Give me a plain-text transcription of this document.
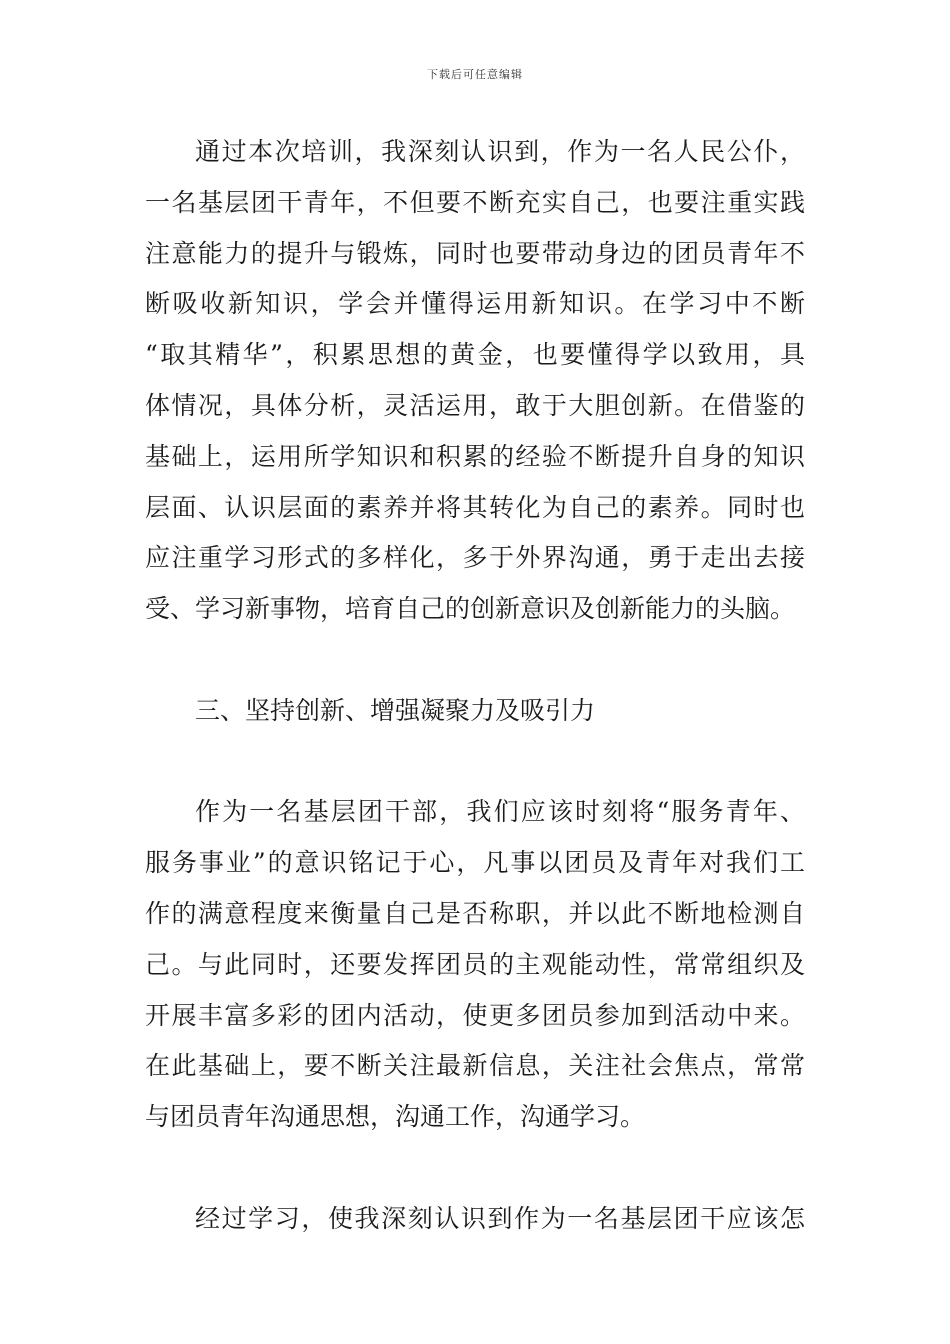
下载后可任意编辑
通过本次培训，我深刻认识到，作为一名人民公仆，
一名基层团干青年，不但要不断充实自己，也要注重实践
注意能力的提升与锻炼，同时也要带动身边的团员青年不
断吸收新知识，学会并懂得运用新知识。在学习中不断
“取其精华”，积累思想的黄金，也要懂得学以致用，具
体情况，具体分析，灵活运用，敢于大胆创新。在借鉴的
基础上，运用所学知识和积累的经验不断提升自身的知识
层面、认识层面的素养并将其转化为自己的素养。同时也
应注重学习形式的多样化，多于外界沟通，勇于走出去接
受、学习新事物，培育自己的创新意识及创新能力的头脑。
三、坚持创新、增强凝聚力及吸引力
作为一名基层团干部，我们应该时刻将“服务青年、
服务事业”的意识铭记于心，凡事以团员及青年对我们工
作的满意程度来衡量自己是否称职，并以此不断地检测自
己。与此同时，还要发挥团员的主观能动性，常常组织及
开展丰富多彩的团内活动，使更多团员参加到活动中来。
在此基础上，要不断关注最新信息，关注社会焦点，常常
与团员青年沟通思想，沟通工作，沟通学习。
经过学习，使我深刻认识到作为一名基层团干应该怎
